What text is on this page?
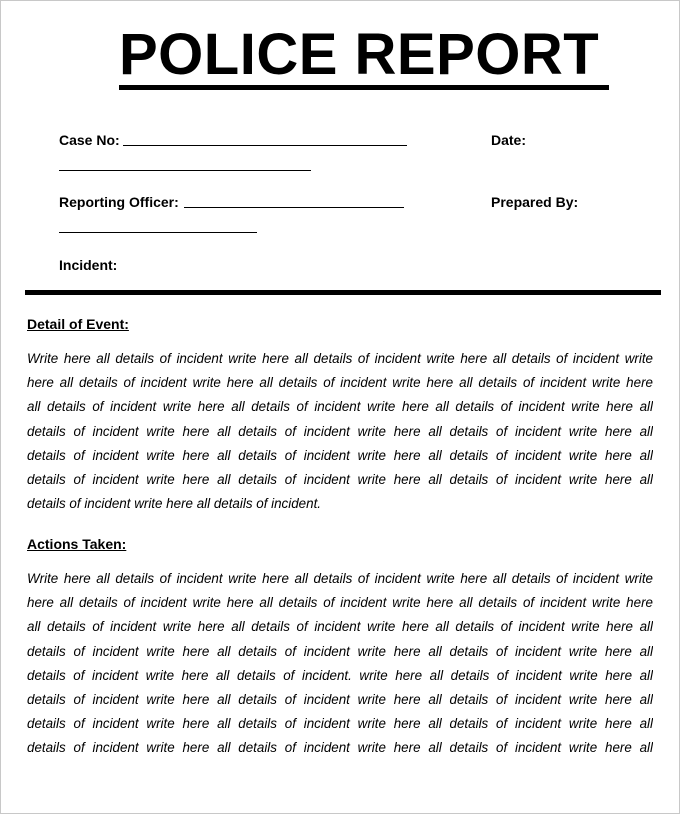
POLICE REPORT
Case No:	Date:
Reporting Officer:	Prepared By:
Incident:
Detail of Event:
Write here all details of incident write here all details of incident write here all details of incident write
here all details of incident write here all details of incident write here all details of incident write here
all details of incident write here all details of incident write here all details of incident write here all
details of incident write here all details of incident write here all details of incident write here all
details of incident write here all details of incident write here all details of incident write here all
details of incident write here all details of incident write here all details of incident write here all
details of incident write here all details of incident.
Actions Taken:
Write here all details of incident write here all details of incident write here all details of incident write
here all details of incident write here all details of incident write here all details of incident write here
all details of incident write here all details of incident write here all details of incident write here all
details of incident write here all details of incident write here all details of incident write here all
details of incident write here all details of incident. write here all details of incident write here all
details of incident write here all details of incident write here all details of incident write here all
details of incident write here all details of incident write here all details of incident write here all
details of incident write here all details of incident write here all details of incident write here all
